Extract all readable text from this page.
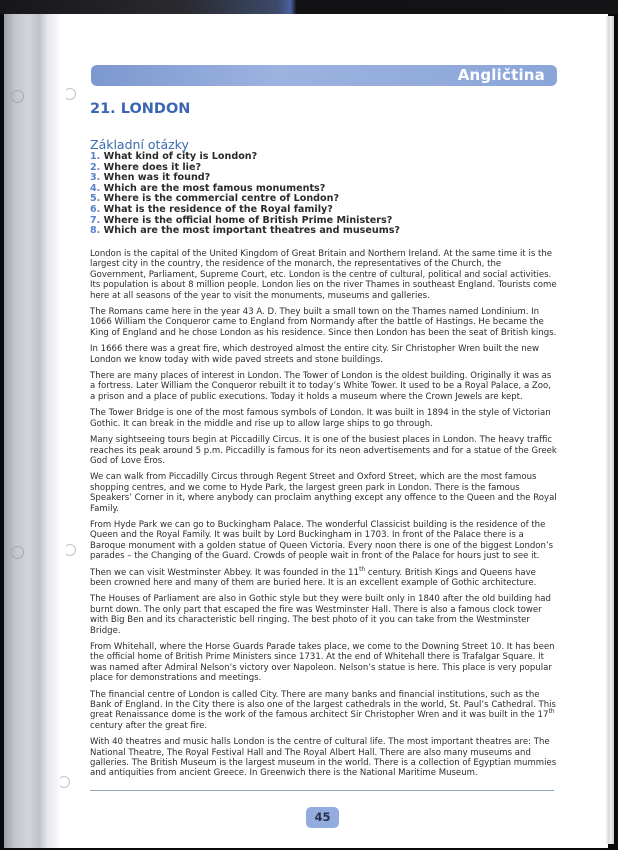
Angličtina
21. LONDON
Základní otázky
1. What kind of city is London?
2. Where does it lie?
3. When was it found?
4. Which are the most famous monuments?
5. Where is the commercial centre of London?
6. What is the residence of the Royal family?
7. Where is the official home of British Prime Ministers?
8. Which are the most important theatres and museums?

London is the capital of the United Kingdom of Great Britain and Northern Ireland. At the same time it is the largest city in the country, the residence of the monarch, the representatives of the Church, the Government, Parliament, Supreme Court, etc. London is the centre of cultural, political and social activities. Its population is about 8 million people. London lies on the river Thames in southeast England. Tourists come here at all seasons of the year to visit the monuments, museums and galleries.

The Romans came here in the year 43 A. D. They built a small town on the Thames named Londinium. In 1066 William the Conqueror came to England from Normandy after the battle of Hastings. He became the King of England and he chose London as his residence. Since then London has been the seat of British kings.

In 1666 there was a great fire, which destroyed almost the entire city. Sir Christopher Wren built the new London we know today with wide paved streets and stone buildings.

There are many places of interest in London. The Tower of London is the oldest building. Originally it was as a fortress. Later William the Conqueror rebuilt it to today’s White Tower. It used to be a Royal Palace, a Zoo, a prison and a place of public executions. Today it holds a museum where the Crown Jewels are kept.

The Tower Bridge is one of the most famous symbols of London. It was built in 1894 in the style of Victorian Gothic. It can break in the middle and rise up to allow large ships to go through.

Many sightseeing tours begin at Piccadilly Circus. It is one of the busiest places in London. The heavy traffic reaches its peak around 5 p.m. Piccadilly is famous for its neon advertisements and for a statue of the Greek God of Love Eros.

We can walk from Piccadilly Circus through Regent Street and Oxford Street, which are the most famous shopping centres, and we come to Hyde Park, the largest green park in London. There is the famous Speakers’ Corner in it, where anybody can proclaim anything except any offence to the Queen and the Royal Family.

From Hyde Park we can go to Buckingham Palace. The wonderful Classicist building is the residence of the Queen and the Royal Family. It was built by Lord Buckingham in 1703. In front of the Palace there is a Baroque monument with a golden statue of Queen Victoria. Every noon there is one of the biggest London’s parades – the Changing of the Guard. Crowds of people wait in front of the Palace for hours just to see it.

Then we can visit Westminster Abbey. It was founded in the 11th century. British Kings and Queens have been crowned here and many of them are buried here. It is an excellent example of Gothic architecture.

The Houses of Parliament are also in Gothic style but they were built only in 1840 after the old building had burnt down. The only part that escaped the fire was Westminster Hall. There is also a famous clock tower with Big Ben and its characteristic bell ringing. The best photo of it you can take from the Westminster Bridge.

From Whitehall, where the Horse Guards Parade takes place, we come to the Downing Street 10. It has been the official home of British Prime Ministers since 1731. At the end of Whitehall there is Trafalgar Square. It was named after Admiral Nelson’s victory over Napoleon. Nelson’s statue is here. This place is very popular place for demonstrations and meetings.

The financial centre of London is called City. There are many banks and financial institutions, such as the Bank of England. In the City there is also one of the largest cathedrals in the world, St. Paul’s Cathedral. This great Renaissance dome is the work of the famous architect Sir Christopher Wren and it was built in the 17th century after the great fire.

With 40 theatres and music halls London is the centre of cultural life. The most important theatres are: The National Theatre, The Royal Festival Hall and The Royal Albert Hall. There are also many museums and galleries. The British Museum is the largest museum in the world. There is a collection of Egyptian mummies and antiquities from ancient Greece. In Greenwich there is the National Maritime Museum.

45
